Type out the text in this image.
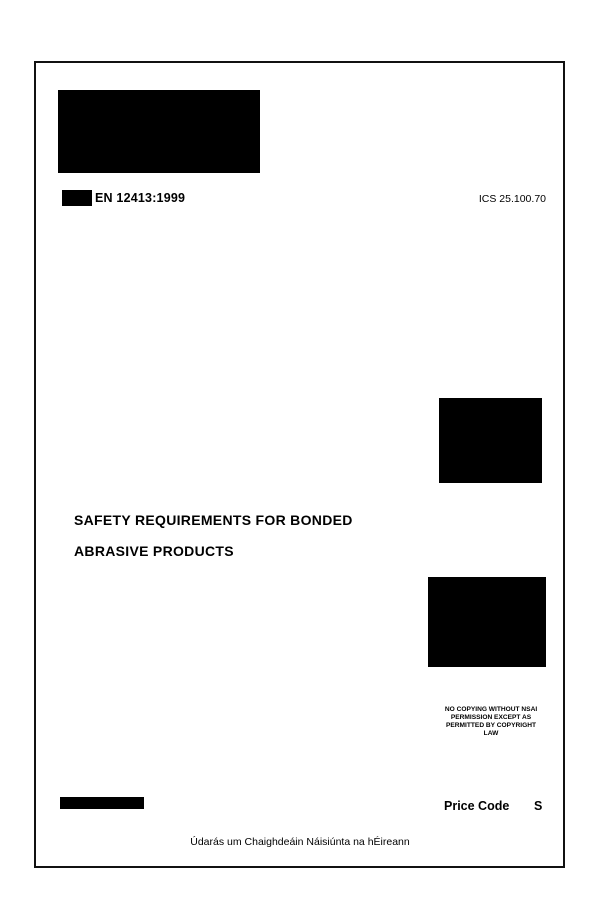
EN 12413:1999	ICS 25.100.70
SAFETY REQUIREMENTS FOR BONDED
ABRASIVE PRODUCTS
NO COPYING WITHOUT NSAI
PERMISSION EXCEPT AS
PERMITTED BY COPYRIGHT
LAW
Price Code S
Údarás um Chaighdeáin Náisiúnta na hÉireann
